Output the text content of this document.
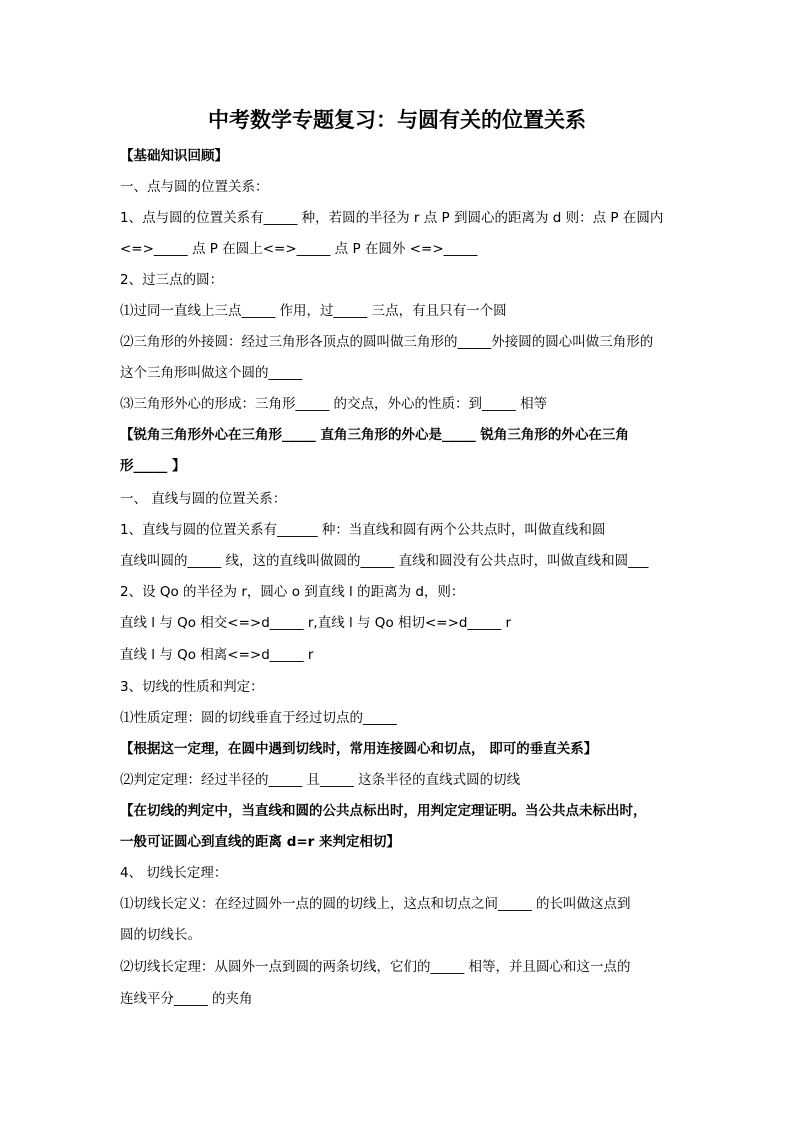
中考数学专题复习：与圆有关的位置关系
【基础知识回顾】
一、点与圆的位置关系：
1、点与圆的位置关系有_____ 种，若圆的半径为 r 点 P 到圆心的距离为 d 则：点 P 在圆内
<=>_____ 点 P 在圆上<=>_____ 点 P 在圆外 <=>_____
2、过三点的圆：
⑴过同一直线上三点_____ 作用，过_____ 三点，有且只有一个圆
⑵三角形的外接圆：经过三角形各顶点的圆叫做三角形的_____外接圆的圆心叫做三角形的
这个三角形叫做这个圆的_____
⑶三角形外心的形成：三角形_____ 的交点，外心的性质：到_____ 相等
【锐角三角形外心在三角形_____ 直角三角形的外心是_____ 锐角三角形的外心在三角
形_____ 】
一、 直线与圆的位置关系：
1、直线与圆的位置关系有______ 种：当直线和圆有两个公共点时，叫做直线和圆
直线叫圆的_____ 线，这的直线叫做圆的_____ 直线和圆没有公共点时，叫做直线和圆___
2、设 Qo 的半径为 r，圆心 o 到直线 l 的距离为 d，则：
直线 l 与 Qo 相交<=>d_____ r,直线 l 与 Qo 相切<=>d_____ r
直线 l 与 Qo 相离<=>d_____ r
3、切线的性质和判定：
⑴性质定理：圆的切线垂直于经过切点的_____
【根据这一定理，在圆中遇到切线时，常用连接圆心和切点， 即可的垂直关系】
⑵判定定理：经过半径的_____ 且_____ 这条半径的直线式圆的切线
【在切线的判定中，当直线和圆的公共点标出时，用判定定理证明。当公共点未标出时，
一般可证圆心到直线的距离 d=r 来判定相切】
4、 切线长定理：
⑴切线长定义：在经过圆外一点的圆的切线上，这点和切点之间_____ 的长叫做这点到
圆的切线长。
⑵切线长定理：从圆外一点到圆的两条切线，它们的_____ 相等，并且圆心和这一点的
连线平分_____ 的夹角
